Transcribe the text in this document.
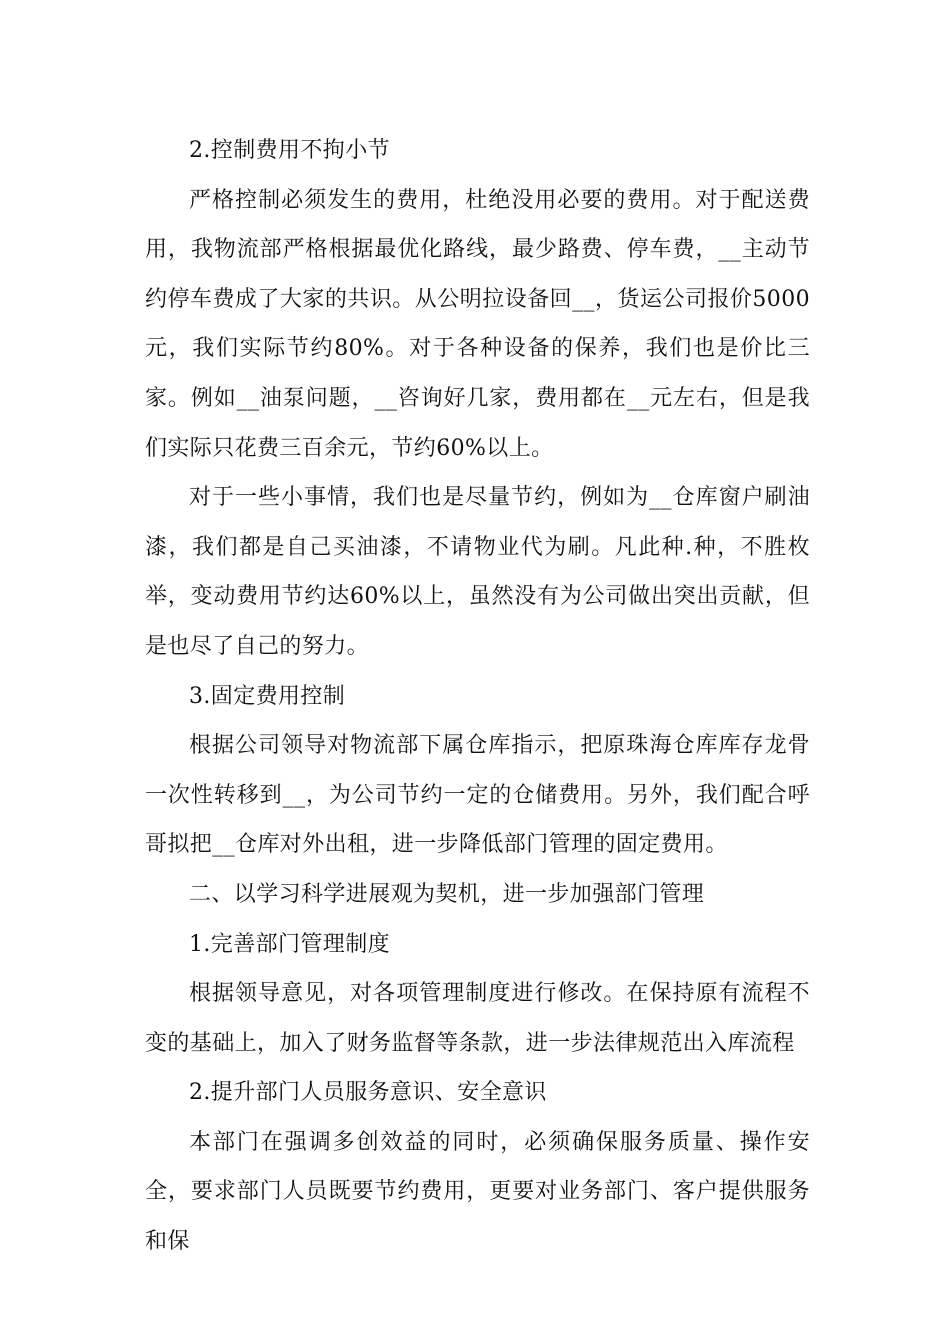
2.控制费用不拘小节

严格控制必须发生的费用，杜绝没用必要的费用。对于配送费用，我物流部严格根据最优化路线，最少路费、停车费，__主动节约停车费成了大家的共识。从公明拉设备回__，货运公司报价5000元，我们实际节约80%。对于各种设备的保养，我们也是价比三家。例如__油泵问题，__咨询好几家，费用都在__元左右，但是我们实际只花费三百余元，节约60%以上。

对于一些小事情，我们也是尽量节约，例如为__仓库窗户刷油漆，我们都是自己买油漆，不请物业代为刷。凡此种.种，不胜枚举，变动费用节约达60%以上，虽然没有为公司做出突出贡献，但是也尽了自己的努力。

3.固定费用控制

根据公司领导对物流部下属仓库指示，把原珠海仓库库存龙骨一次性转移到__，为公司节约一定的仓储费用。另外，我们配合呼哥拟把__仓库对外出租，进一步降低部门管理的固定费用。

二、以学习科学进展观为契机，进一步加强部门管理

1.完善部门管理制度

根据领导意见，对各项管理制度进行修改。在保持原有流程不变的基础上，加入了财务监督等条款，进一步法律规范出入库流程

2.提升部门人员服务意识、安全意识

本部门在强调多创效益的同时，必须确保服务质量、操作安全，要求部门人员既要节约费用，更要对业务部门、客户提供服务和保
